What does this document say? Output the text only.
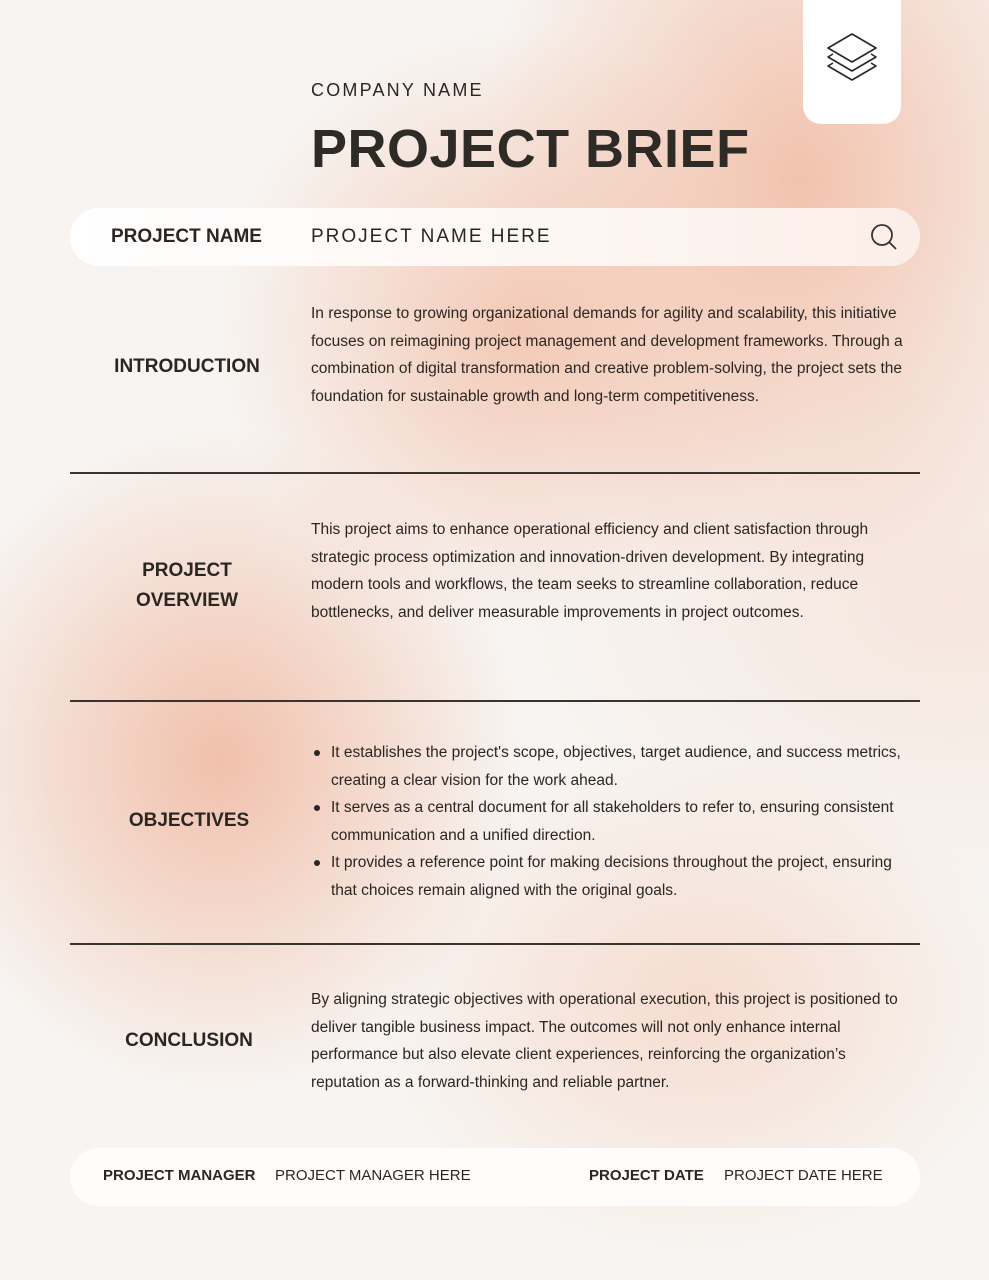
COMPANY NAME
PROJECT BRIEF
PROJECT NAME	PROJECT NAME HERE
INTRODUCTION
In response to growing organizational demands for agility and scalability, this initiative focuses on reimagining project management and development frameworks. Through a combination of digital transformation and creative problem-solving, the project sets the foundation for sustainable growth and long-term competitiveness.
PROJECT OVERVIEW
This project aims to enhance operational efficiency and client satisfaction through strategic process optimization and innovation-driven development. By integrating modern tools and workflows, the team seeks to streamline collaboration, reduce bottlenecks, and deliver measurable improvements in project outcomes.
OBJECTIVES
It establishes the project's scope, objectives, target audience, and success metrics, creating a clear vision for the work ahead.
It serves as a central document for all stakeholders to refer to, ensuring consistent communication and a unified direction.
It provides a reference point for making decisions throughout the project, ensuring that choices remain aligned with the original goals.
CONCLUSION
By aligning strategic objectives with operational execution, this project is positioned to deliver tangible business impact. The outcomes will not only enhance internal performance but also elevate client experiences, reinforcing the organization’s reputation as a forward-thinking and reliable partner.
PROJECT MANAGER PROJECT MANAGER HERE	PROJECT DATE PROJECT DATE HERE
